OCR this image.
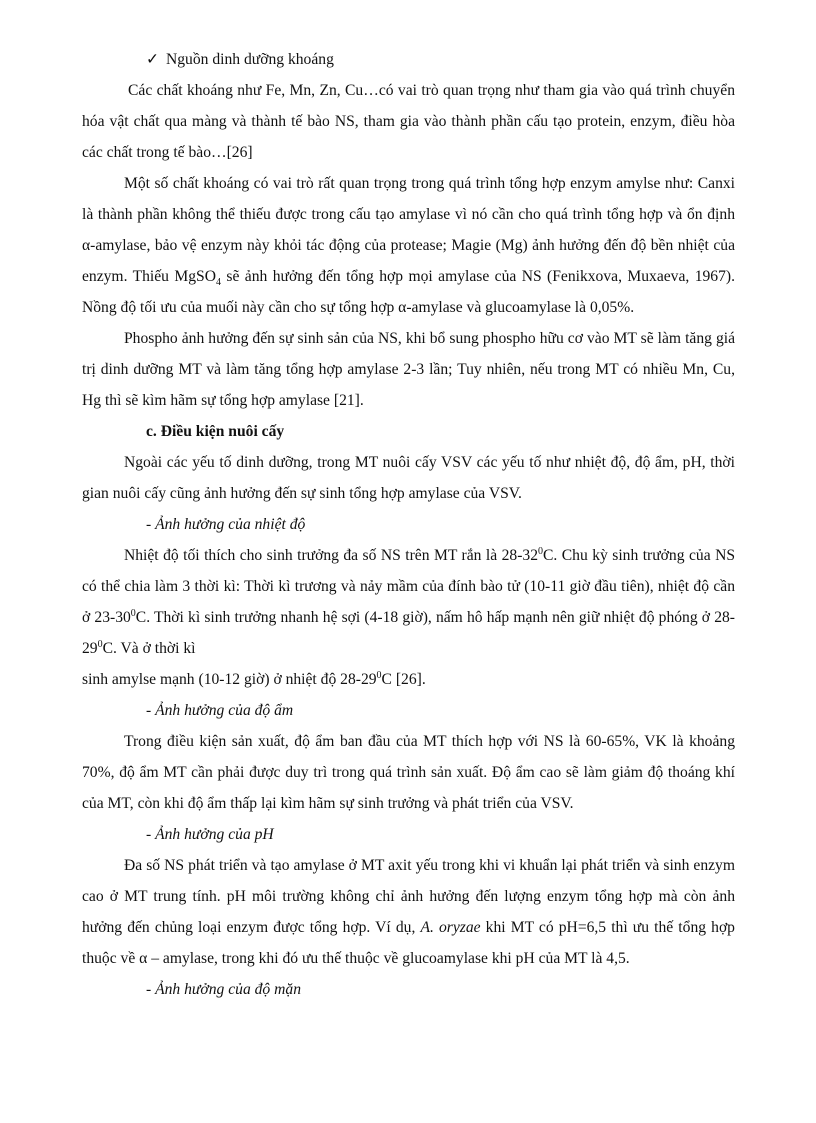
✓ Nguồn dinh dưỡng khoáng

Các chất khoáng như Fe, Mn, Zn, Cu…có vai trò quan trọng như tham gia vào quá trình chuyển hóa vật chất qua màng và thành tế bào NS, tham gia vào thành phần cấu tạo protein, enzym, điều hòa các chất trong tế bào…[26]

Một số chất khoáng có vai trò rất quan trọng trong quá trình tổng hợp enzym amylse như: Canxi là thành phần không thể thiếu được trong cấu tạo amylase vì nó cần cho quá trình tổng hợp và ổn định α-amylase, bảo vệ enzym này khỏi tác động của protease; Magie (Mg) ảnh hưởng đến độ bền nhiệt của enzym. Thiếu MgSO$_4$ sẽ ảnh hưởng đến tổng hợp mọi amylase của NS (Fenikxova, Muxaeva, 1967). Nồng độ tối ưu của muối này cần cho sự tổng hợp α-amylase và glucoamylase là 0,05%.

Phospho ảnh hưởng đến sự sinh sản của NS, khi bổ sung phospho hữu cơ vào MT sẽ làm tăng giá trị dinh dưỡng MT và làm tăng tổng hợp amylase 2-3 lần; Tuy nhiên, nếu trong MT có nhiều Mn, Cu, Hg thì sẽ kìm hãm sự tổng hợp amylase [21].

c. Điều kiện nuôi cấy

Ngoài các yếu tố dinh dưỡng, trong MT nuôi cấy VSV các yếu tố như nhiệt độ, độ ẩm, pH, thời gian nuôi cấy cũng ảnh hưởng đến sự sinh tổng hợp amylase của VSV.

- Ảnh hưởng của nhiệt độ

Nhiệt độ tối thích cho sinh trưởng đa số NS trên MT rắn là $28-32^0C$. Chu kỳ sinh trưởng của NS có thể chia làm 3 thời kì: Thời kì trương và nảy mầm của đính bào tử (10-11 giờ đầu tiên), nhiệt độ cần ở $23-30^0C$. Thời kì sinh trưởng nhanh hệ sợi (4-18 giờ), nấm hô hấp mạnh nên giữ nhiệt độ phóng ở $28-29^0C$. Và ở thời kì

sinh amylse mạnh (10-12 giờ) ở nhiệt độ $28-29^0C$ [26].

- Ảnh hưởng của độ ẩm

Trong điều kiện sản xuất, độ ẩm ban đầu của MT thích hợp với NS là 60-65%, VK là khoảng 70%, độ ẩm MT cần phải được duy trì trong quá trình sản xuất. Độ ẩm cao sẽ làm giảm độ thoáng khí của MT, còn khi độ ẩm thấp lại kìm hãm sự sinh trưởng và phát triển của VSV.

- Ảnh hưởng của pH

Đa số NS phát triển và tạo amylase ở MT axit yếu trong khi vi khuẩn lại phát triển và sinh enzym cao ở MT trung tính. pH môi trường không chỉ ảnh hưởng đến lượng enzym tổng hợp mà còn ảnh hưởng đến chủng loại enzym được tổng hợp. Ví dụ, A. oryzae khi MT có pH=6,5 thì ưu thế tổng hợp thuộc về α – amylase, trong khi đó ưu thế thuộc về glucoamylase khi pH của MT là 4,5.

- Ảnh hưởng của độ mặn
